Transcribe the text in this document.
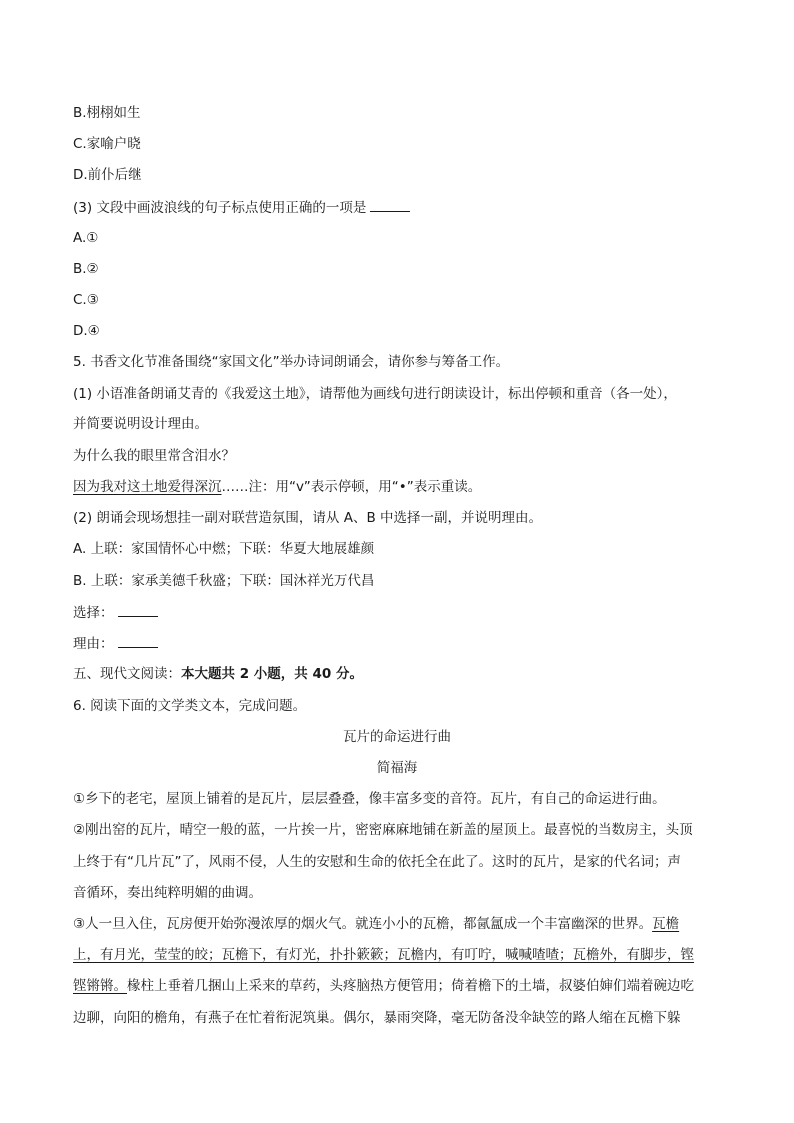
B.栩栩如生
C.家喻户晓
D.前仆后继
(3) 文段中画波浪线的句子标点使用正确的一项是
A.①
B.②
C.③
D.④
5. 书香文化节准备围绕“家国文化”举办诗词朗诵会，请你参与筹备工作。
(1) 小语准备朗诵艾青的《我爱这土地》，请帮他为画线句进行朗读设计，标出停顿和重音（各一处），
并简要说明设计理由。
为什么我的眼里常含泪水？
因为我对这土地爱得深沉……注：用“v”表示停顿，用“•”表示重读。
(2) 朗诵会现场想挂一副对联营造氛围，请从 A、B 中选择一副，并说明理由。
A. 上联：家国情怀心中燃；下联：华夏大地展雄颜
B. 上联：家承美德千秋盛；下联：国沐祥光万代昌
选择：
理由：
五、现代文阅读：本大题共 2 小题，共 40 分。
6. 阅读下面的文学类文本，完成问题。
瓦片的命运进行曲
简福海
①乡下的老宅，屋顶上铺着的是瓦片，层层叠叠，像丰富多变的音符。瓦片，有自己的命运进行曲。
②刚出窑的瓦片，晴空一般的蓝，一片挨一片，密密麻麻地铺在新盖的屋顶上。最喜悦的当数房主，头顶
上终于有“几片瓦”了，风雨不侵，人生的安慰和生命的依托全在此了。这时的瓦片，是家的代名词；声
音循环，奏出纯粹明媚的曲调。
③人一旦入住，瓦房便开始弥漫浓厚的烟火气。就连小小的瓦檐，都氤氲成一个丰富幽深的世界。瓦檐
上，有月光，莹莹的皎；瓦檐下，有灯光，扑扑簌簌；瓦檐内，有叮咛，喊喊喳喳；瓦檐外，有脚步，铿
铿锵锵。椽柱上垂着几捆山上采来的草药，头疼脑热方便管用；倚着檐下的土墙，叔婆伯婶们端着碗边吃
边聊，向阳的檐角，有燕子在忙着衔泥筑巢。偶尔，暴雨突降，毫无防备没伞缺笠的路人缩在瓦檐下躲
